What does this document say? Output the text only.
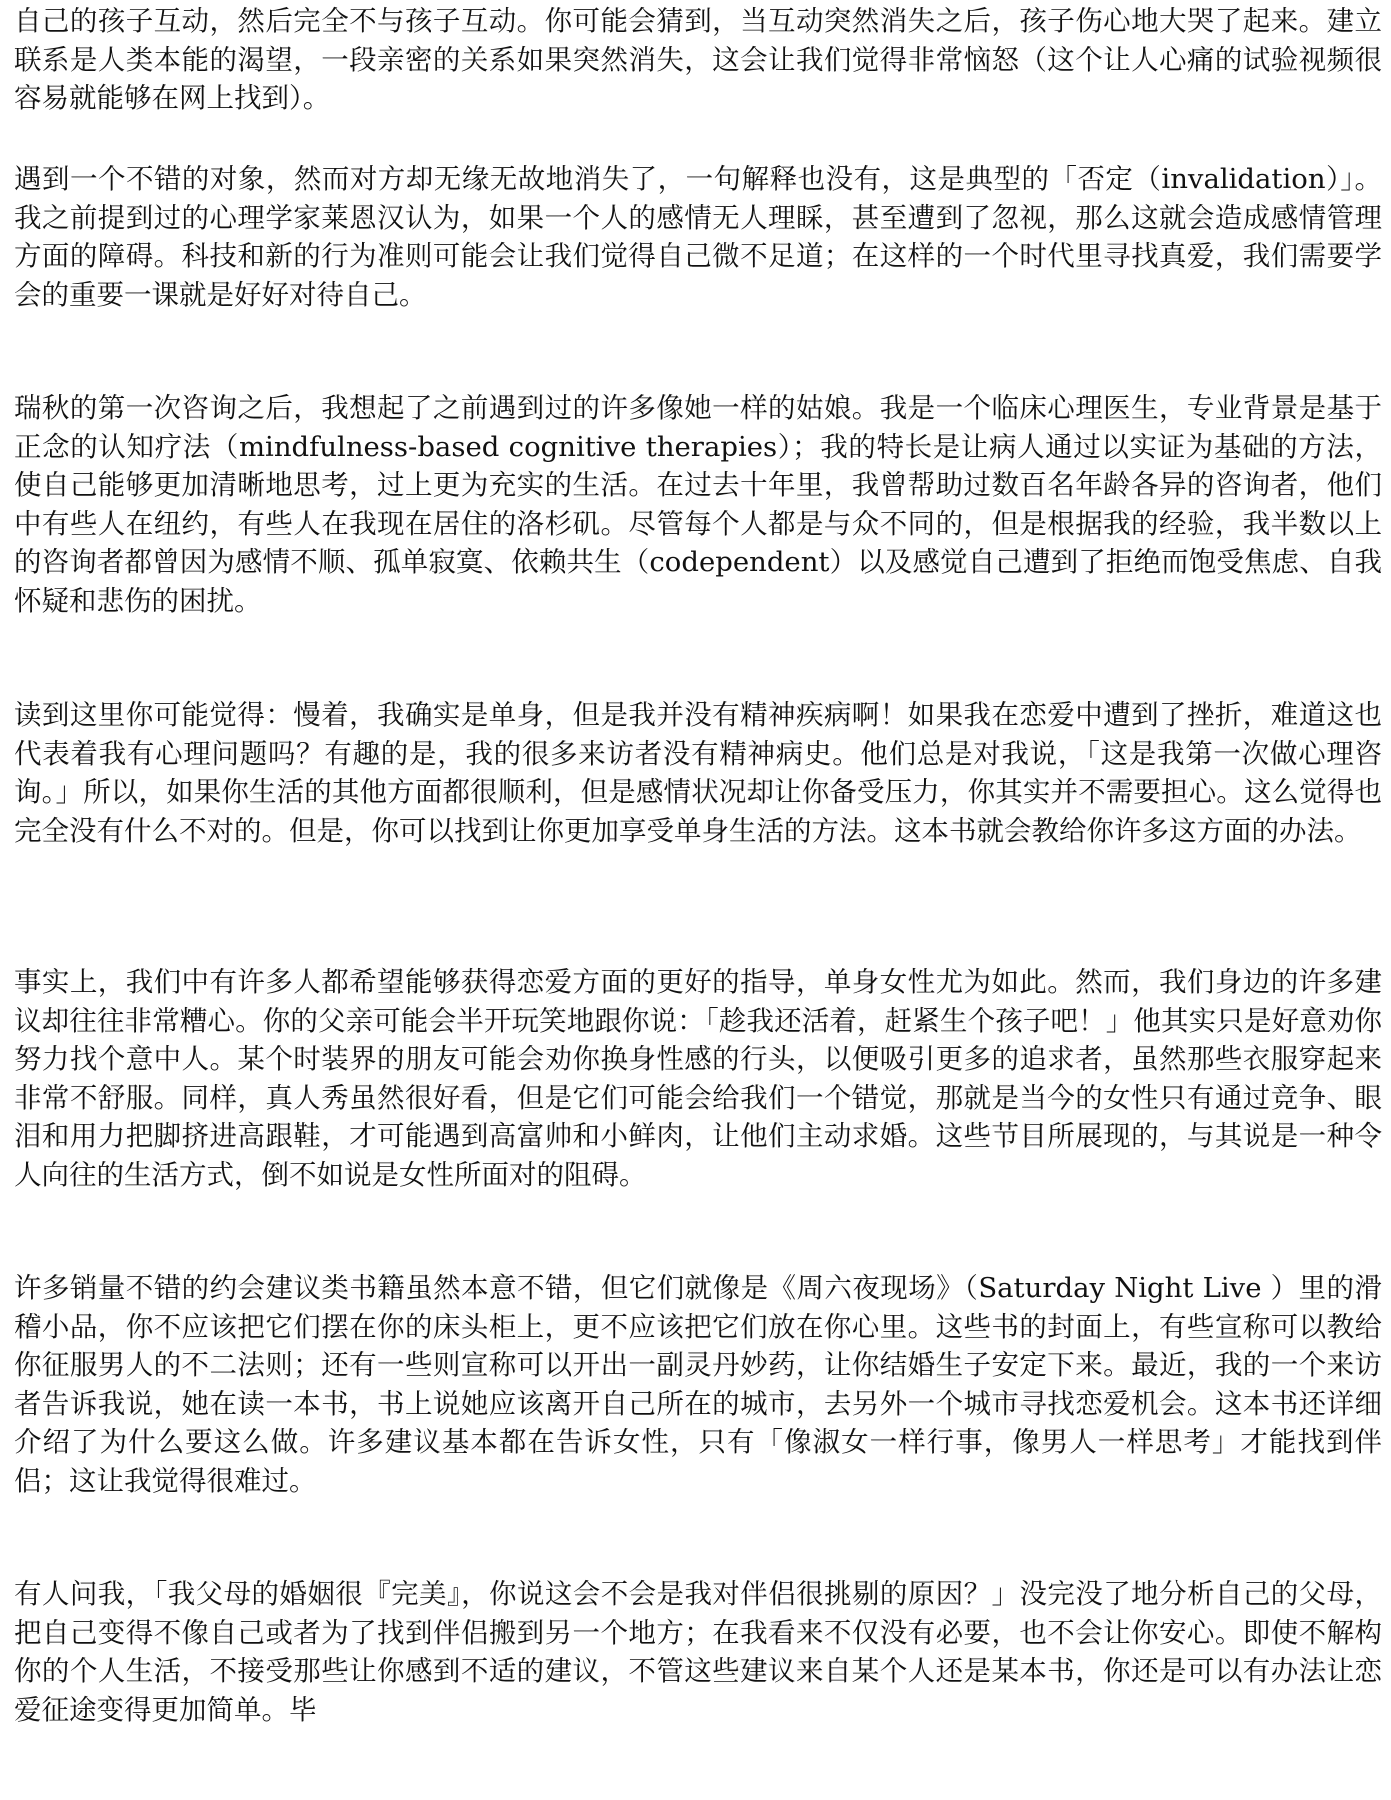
自己的孩子互动，然后完全不与孩子互动。你可能会猜到，当互动突然消失之后，孩子伤心地大哭了起来。建立联系是人类本能的渴望，一段亲密的关系如果突然消失，这会让我们觉得非常恼怒（这个让人心痛的试验视频很容易就能够在网上找到）。

遇到一个不错的对象，然而对方却无缘无故地消失了，一句解释也没有，这是典型的「否定（invalidation）」。我之前提到过的心理学家莱恩汉认为，如果一个人的感情无人理睬，甚至遭到了忽视，那么这就会造成感情管理方面的障碍。科技和新的行为准则可能会让我们觉得自己微不足道；在这样的一个时代里寻找真爱，我们需要学会的重要一课就是好好对待自己。

瑞秋的第一次咨询之后，我想起了之前遇到过的许多像她一样的姑娘。我是一个临床心理医生，专业背景是基于正念的认知疗法（mindfulness-based cognitive therapies）；我的特长是让病人通过以实证为基础的方法，使自己能够更加清晰地思考，过上更为充实的生活。在过去十年里，我曾帮助过数百名年龄各异的咨询者，他们中有些人在纽约，有些人在我现在居住的洛杉矶。尽管每个人都是与众不同的，但是根据我的经验，我半数以上的咨询者都曾因为感情不顺、孤单寂寞、依赖共生（codependent）以及感觉自己遭到了拒绝而饱受焦虑、自我怀疑和悲伤的困扰。

读到这里你可能觉得：慢着，我确实是单身，但是我并没有精神疾病啊！如果我在恋爱中遭到了挫折，难道这也代表着我有心理问题吗？有趣的是，我的很多来访者没有精神病史。他们总是对我说，「这是我第一次做心理咨询。」所以，如果你生活的其他方面都很顺利，但是感情状况却让你备受压力，你其实并不需要担心。这么觉得也完全没有什么不对的。但是，你可以找到让你更加享受单身生活的方法。这本书就会教给你许多这方面的办法。

事实上，我们中有许多人都希望能够获得恋爱方面的更好的指导，单身女性尤为如此。然而，我们身边的许多建议却往往非常糟心。你的父亲可能会半开玩笑地跟你说：「趁我还活着，赶紧生个孩子吧！」他其实只是好意劝你努力找个意中人。某个时装界的朋友可能会劝你换身性感的行头，以便吸引更多的追求者，虽然那些衣服穿起来非常不舒服。同样，真人秀虽然很好看，但是它们可能会给我们一个错觉，那就是当今的女性只有通过竞争、眼泪和用力把脚挤进高跟鞋，才可能遇到高富帅和小鲜肉，让他们主动求婚。这些节目所展现的，与其说是一种令人向往的生活方式，倒不如说是女性所面对的阻碍。

许多销量不错的约会建议类书籍虽然本意不错，但它们就像是《周六夜现场》（Saturday Night Live ）里的滑稽小品，你不应该把它们摆在你的床头柜上，更不应该把它们放在你心里。这些书的封面上，有些宣称可以教给你征服男人的不二法则；还有一些则宣称可以开出一副灵丹妙药，让你结婚生子安定下来。最近，我的一个来访者告诉我说，她在读一本书，书上说她应该离开自己所在的城市，去另外一个城市寻找恋爱机会。这本书还详细介绍了为什么要这么做。许多建议基本都在告诉女性，只有「像淑女一样行事，像男人一样思考」才能找到伴侣；这让我觉得很难过。

有人问我，「我父母的婚姻很『完美』，你说这会不会是我对伴侣很挑剔的原因？」没完没了地分析自己的父母，把自己变得不像自己或者为了找到伴侣搬到另一个地方；在我看来不仅没有必要，也不会让你安心。即使不解构你的个人生活，不接受那些让你感到不适的建议，不管这些建议来自某个人还是某本书，你还是可以有办法让恋爱征途变得更加简单。毕
